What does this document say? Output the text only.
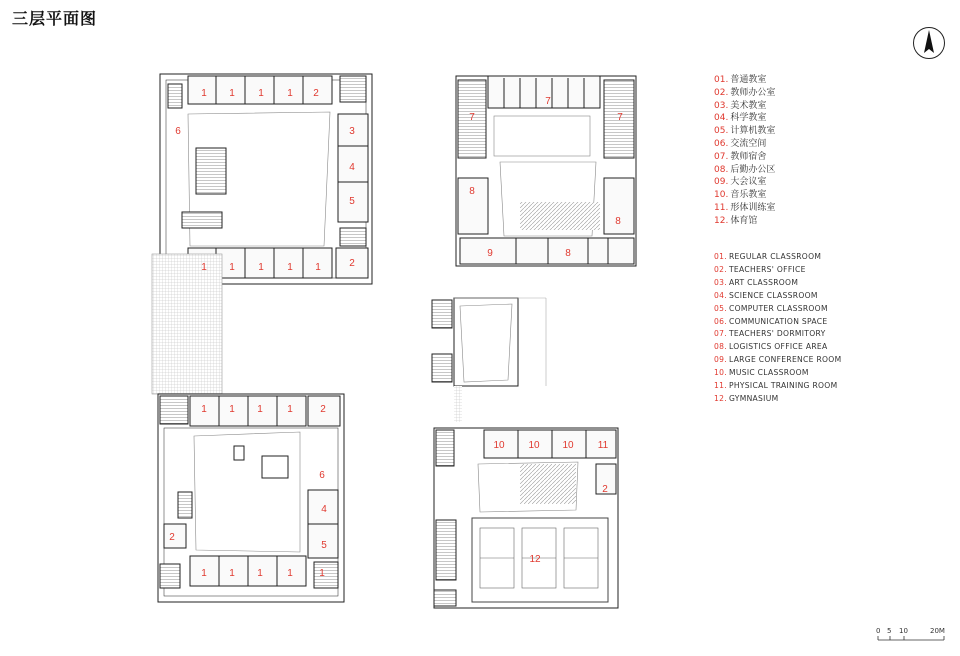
三层平面图
01. 普通教室
02. 教师办公室
03. 美术教室
04. 科学教室
05. 计算机教室
06. 交流空间
07. 教师宿舍
08. 后勤办公区
09. 大会议室
10. 音乐教室
11. 形体训练室
12. 体育馆
01. REGULAR CLASSROOM
02. TEACHERS' OFFICE
03. ART CLASSROOM
04. SCIENCE CLASSROOM
05. COMPUTER CLASSROOM
06. COMMUNICATION SPACE
07. TEACHERS' DORMITORY
08. LOGISTICS OFFICE AREA
09. LARGE CONFERENCE ROOM
10. MUSIC CLASSROOM
11. PHYSICAL TRAINING ROOM
12. GYMNASIUM
1 1 1 1 2
6	3
4
5
1 1 1 1 1	2
7
7
7
8
8
9	8
1 1 1 1	2
6
4
5
2
1 1 1 1	1
10 10 10 11
2
12
0 5 10	20M
